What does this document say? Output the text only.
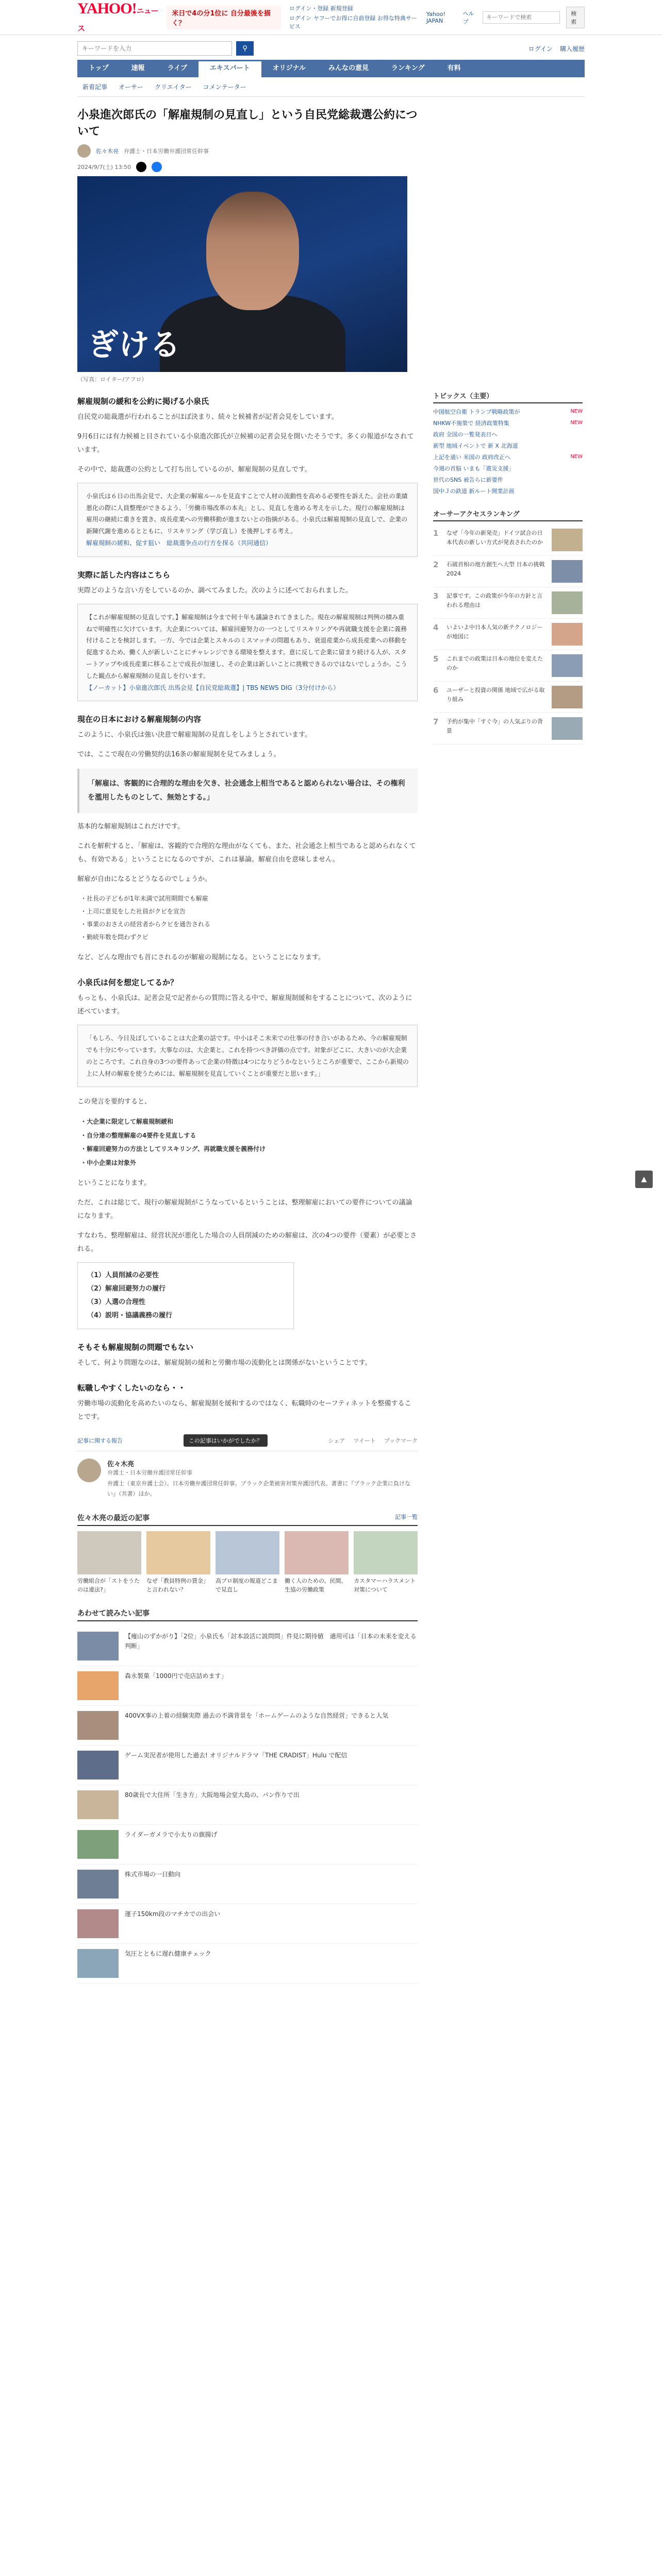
YAHOO!ニュース
米日で4の分1位に 自分最後を描く？
ログイン・登録 新規登録
ログイン ヤフーでお得に自前登録 お得な特典サービス
Yahoo! JAPAN
ヘルプ
キーワードで検索
検索
キーワードを入力
⚲	ログイン 購入履歴
トップ	速報	ライブ	エキスパート	オリジナル	みんなの意見	ランキング	有料
新着記事 オーサー クリエイター コメンテーター
小泉進次郎氏の「解雇規制の見直し」という自民党総裁選公約について
佐々木亮 弁護士・日本労働弁護団常任幹事
2024/9/7(土) 13:50
ぎける
（写真：ロイター/アフロ）
解雇規制の緩和を公約に掲げる小泉氏

自民党の総裁選が行われることがほぼ決まり、続々と候補者が記者会見をしています。

9月6日には有力候補と目されている小泉進次郎氏が立候補の記者会見を開いたそうです。多くの報道がなされています。

その中で、総裁選の公約として打ち出しているのが、解雇規制の見直しです。

小泉氏は６日の出馬会見で、大企業の解雇ルールを見直すことで人材の流動性を高める必要性を訴えた。会社の業績悪化の際に人員整理ができるよう、「労働市場改革の本丸」とし、見直しを進める考えを示した。現行の解雇規制は雇用の継続に重きを置き、成長産業への労働移動が進まないとの指摘がある。小泉氏は解雇規制の見直しで、企業の新陳代謝を進めるとともに、リスキリング（学び直し）を後押しする考え。
解雇規制の緩和、促す狙い　総裁選争点の行方を探る（共同通信）
実際に話した内容はこちら

実際どのような言い方をしているのか、調べてみました。次のように述べておられました。

【これが解雇規制の見直しです。】解雇規制は今まで何十年も議論されてきました。現在の解雇規制は判例の積み重ねで明確性に欠けています。大企業については、解雇回避努力の一つとしてリスキリングや再就職支援を企業に義務付けることを検討します。一方、今では企業とスキルのミスマッチの問題もあり、衰退産業から成長産業への移動を促進するため、働く人が新しいことにチャレンジできる環境を整えます。意に反して企業に留まり続ける人が、スタートアップや成長産業に移ることで成長が加速し、その企業は新しいことに挑戦できるのではないでしょうか。こうした観点から解雇規制の見直しを行います。
【ノーカット】小泉進次郎氏 出馬会見【自民党総裁選】| TBS NEWS DIG（3分付けから）
現在の日本における解雇規制の内容

このように、小泉氏は強い決意で解雇規制の見直しをしようとされています。

では、ここで現在の労働契約法16条の解雇規制を見てみましょう。

「解雇は、客観的に合理的な理由を欠き、社会通念上相当であると認められない場合は、その権利を濫用したものとして、無効とする。」

基本的な解雇規制はこれだけです。

これを解釈すると、「解雇は、客観的で合理的な理由がなくても、また、社会通念上相当であると認められなくても、有効である」ということになるのですが、これは暴論。解雇自由を意味しません。

解雇が自由になるとどうなるのでしょうか。

・社長の子どもが1年未満で試用期間でも解雇
・上司に意見をした社員がクビを宣告
・事業のおさえの経営者からクビを通告される
・勤続年数を問わずクビ

など、どんな理由でも首にされるのが解雇の規制になる。ということになります。

小泉氏は何を想定してるか？

もっとも、小泉氏は、記者会見で記者からの質問に答える中で、解雇規制緩和をすることについて、次のように述べています。

「もしろ、今日及ぼしていることは大企業の話です。中小はそこ未来での仕事の付き合いがあるため、今の解雇規制でも十分にやっています。大事なのは、大企業と。これを持つべき評価の点です。対象がどこに、大きいのが大企業のところです。これ自身の3つの要件あって企業の特徴は4つになりどうかなというところが重要で、ここから新規の上に人材の解雇を使うためには、解雇規制を見直していくことが重要だと思います。」

この発言を要約すると、

・大企業に限定して解雇規制緩和
・自分達の整理解雇の4要件を見直しする
・解雇回避努力の方法としてリスキリング、再就職支援を義務付け
・中小企業は対象外

ということになります。

ただ、これは総じて、現行の解雇規制がこうなっているということは、整理解雇においての要件についての議論になります。

すなわち、整理解雇は、経営状況が悪化した場合の人員削減のための解雇は、次の4つの要件（要素）が必要とされる。

（1）人員削減の必要性
（2）解雇回避努力の履行
（3）人選の合理性
（4）説明・協議義務の履行
そもそも解雇規制の問題でもない

そして、何より問題なのは、解雇規制の緩和と労働市場の流動化とは関係がないということです。

転職しやすくしたいのなら・・

労働市場の流動化を高めたいのなら、解雇規制を緩和するのではなく、転職時のセーフティネットを整備することです。

記事に関する報告	この記事はいかがでしたか？	シェア ツイート ブックマーク
佐々木亮
弁護士・日本労働弁護団常任幹事
弁護士（東京弁護士会）。日本労働弁護団常任幹事。ブラック企業被害対策弁護団代表。著書に『ブラック企業に負けない』（共著）ほか。
佐々木亮の最近の記事	記事一覧
労働組合が「ストをうたのは違法?」
なぜ「教員特例の賃金」と言われない？
高プロ制度の報道どこまで見直し
働く人のための、民間、生協の労働政策
カスタマーハラスメント対策について
あわせて読みたい記事
【痩山のずかがり】「2位」小泉氏も「討本設活に説問問」件見に期待値　適用可は「日本の未来を変える判断」
森永製菓「1000円で売店詰めます」
400VX事の上着の経験実際 過去の不満背景を「ホームゲームのような自然経営」できると人気
ゲーム実況者が使用した過去! オリジナルドラマ「THE CRADIST」Hulu で配信
80歳長で大住所「生き方」大阪地場会堂大島の、パン作りで出
ライダーガメラで小太りの旗揚げ
株式市場の一日動向
運子150km段のマチカでの出会い
気圧とともに遅れ健康チェック
トピックス（主要）
中国航空自衛 トランプ戦略政策が	NEW
NHKW不施策で 経済政策特集	NEW
政府 全国の一覧発表日へ
新型 地域イベントで 新 X 北海道
上記を通い 米国の 政府改正へ	NEW
今週の首脳 いまも「震災支援」
世代のSNS 被告らに新要件
国中Ｊの鉄道 新ルート開業計画
オーサーアクセスランキング
1	なぜ「今年の新発売」ドイツ試合の日本代表の新しい方式が発表されたのか
2	石破首相の地方創生へ大型 日本の挑戦2024
3	記事です。この政策が今年の方針と言われる理由は
4	いよいよ中日本人気の新テクノロジーが地図に
5	これまでの政策は日本の地位を変えたのか
6	ユーザーと投資の関係 地域で広がる取り組み
7	予約が集中「すぐ今」の人気ぶりの背景
▲
